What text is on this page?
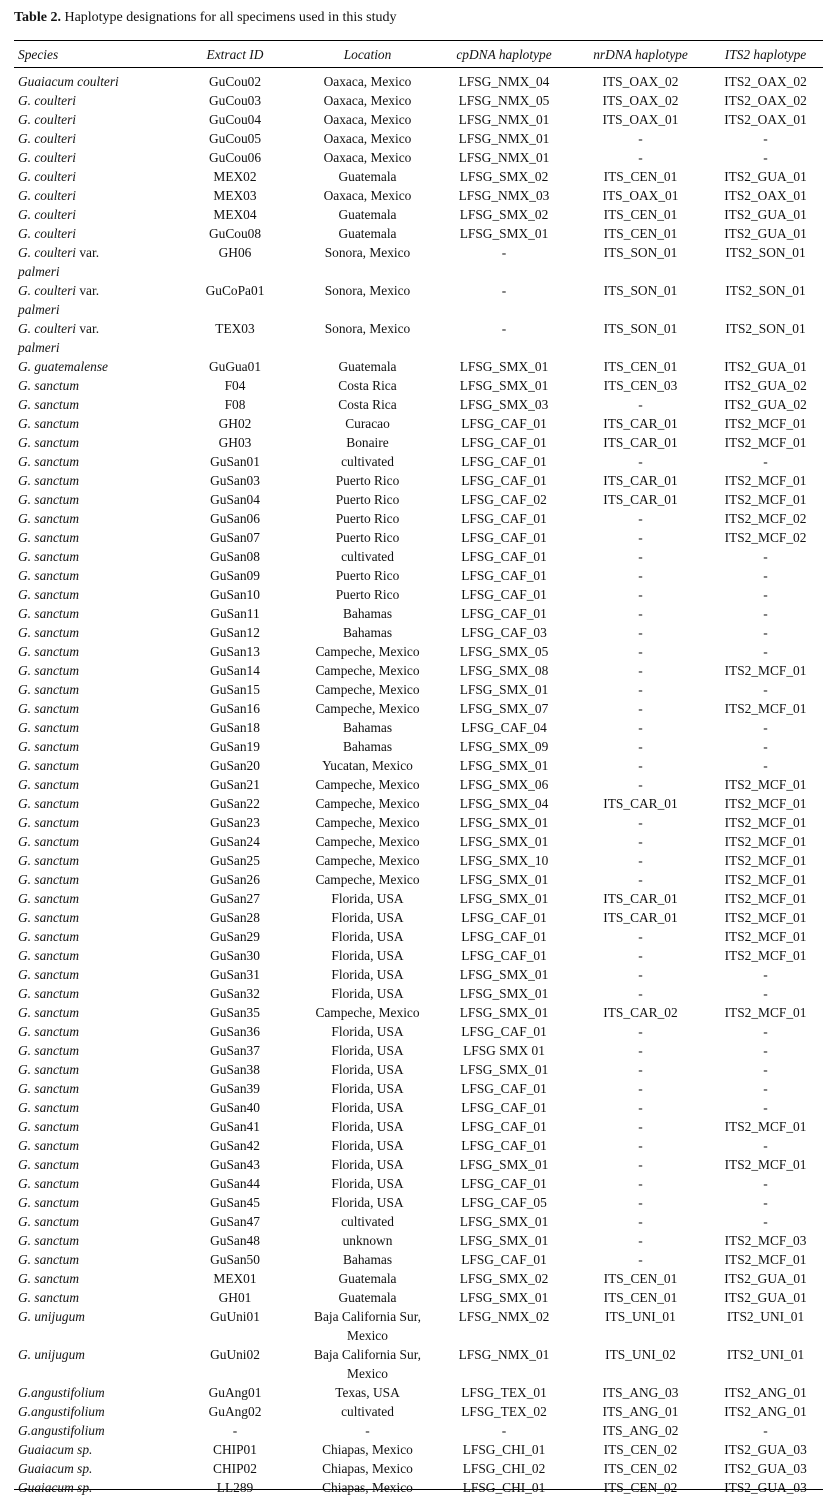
Table 2. Haplotype designations for all specimens used in this study
Species	Extract ID	Location	cpDNA haplotype	nrDNA haplotype	ITS2 haplotype
Guaiacum coulteri	GuCou02	Oaxaca, Mexico	LFSG_NMX_04	ITS_OAX_02	ITS2_OAX_02
G. coulteri	GuCou03	Oaxaca, Mexico	LFSG_NMX_05	ITS_OAX_02	ITS2_OAX_02
G. coulteri	GuCou04	Oaxaca, Mexico	LFSG_NMX_01	ITS_OAX_01	ITS2_OAX_01
G. coulteri	GuCou05	Oaxaca, Mexico	LFSG_NMX_01	-	-
G. coulteri	GuCou06	Oaxaca, Mexico	LFSG_NMX_01	-	-
G. coulteri	MEX02	Guatemala	LFSG_SMX_02	ITS_CEN_01	ITS2_GUA_01
G. coulteri	MEX03	Oaxaca, Mexico	LFSG_NMX_03	ITS_OAX_01	ITS2_OAX_01
G. coulteri	MEX04	Guatemala	LFSG_SMX_02	ITS_CEN_01	ITS2_GUA_01
G. coulteri	GuCou08	Guatemala	LFSG_SMX_01	ITS_CEN_01	ITS2_GUA_01
G. coulteri var.
palmeri	GH06	Sonora, Mexico	-	ITS_SON_01	ITS2_SON_01
G. coulteri var.
palmeri	GuCoPa01	Sonora, Mexico	-	ITS_SON_01	ITS2_SON_01
G. coulteri var.
palmeri	TEX03	Sonora, Mexico	-	ITS_SON_01	ITS2_SON_01
G. guatemalense	GuGua01	Guatemala	LFSG_SMX_01	ITS_CEN_01	ITS2_GUA_01
G. sanctum	F04	Costa Rica	LFSG_SMX_01	ITS_CEN_03	ITS2_GUA_02
G. sanctum	F08	Costa Rica	LFSG_SMX_03	-	ITS2_GUA_02
G. sanctum	GH02	Curacao	LFSG_CAF_01	ITS_CAR_01	ITS2_MCF_01
G. sanctum	GH03	Bonaire	LFSG_CAF_01	ITS_CAR_01	ITS2_MCF_01
G. sanctum	GuSan01	cultivated	LFSG_CAF_01	-	-
G. sanctum	GuSan03	Puerto Rico	LFSG_CAF_01	ITS_CAR_01	ITS2_MCF_01
G. sanctum	GuSan04	Puerto Rico	LFSG_CAF_02	ITS_CAR_01	ITS2_MCF_01
G. sanctum	GuSan06	Puerto Rico	LFSG_CAF_01	-	ITS2_MCF_02
G. sanctum	GuSan07	Puerto Rico	LFSG_CAF_01	-	ITS2_MCF_02
G. sanctum	GuSan08	cultivated	LFSG_CAF_01	-	-
G. sanctum	GuSan09	Puerto Rico	LFSG_CAF_01	-	-
G. sanctum	GuSan10	Puerto Rico	LFSG_CAF_01	-	-
G. sanctum	GuSan11	Bahamas	LFSG_CAF_01	-	-
G. sanctum	GuSan12	Bahamas	LFSG_CAF_03	-	-
G. sanctum	GuSan13	Campeche, Mexico	LFSG_SMX_05	-	-
G. sanctum	GuSan14	Campeche, Mexico	LFSG_SMX_08	-	ITS2_MCF_01
G. sanctum	GuSan15	Campeche, Mexico	LFSG_SMX_01	-	-
G. sanctum	GuSan16	Campeche, Mexico	LFSG_SMX_07	-	ITS2_MCF_01
G. sanctum	GuSan18	Bahamas	LFSG_CAF_04	-	-
G. sanctum	GuSan19	Bahamas	LFSG_SMX_09	-	-
G. sanctum	GuSan20	Yucatan, Mexico	LFSG_SMX_01	-	-
G. sanctum	GuSan21	Campeche, Mexico	LFSG_SMX_06	-	ITS2_MCF_01
G. sanctum	GuSan22	Campeche, Mexico	LFSG_SMX_04	ITS_CAR_01	ITS2_MCF_01
G. sanctum	GuSan23	Campeche, Mexico	LFSG_SMX_01	-	ITS2_MCF_01
G. sanctum	GuSan24	Campeche, Mexico	LFSG_SMX_01	-	ITS2_MCF_01
G. sanctum	GuSan25	Campeche, Mexico	LFSG_SMX_10	-	ITS2_MCF_01
G. sanctum	GuSan26	Campeche, Mexico	LFSG_SMX_01	-	ITS2_MCF_01
G. sanctum	GuSan27	Florida, USA	LFSG_SMX_01	ITS_CAR_01	ITS2_MCF_01
G. sanctum	GuSan28	Florida, USA	LFSG_CAF_01	ITS_CAR_01	ITS2_MCF_01
G. sanctum	GuSan29	Florida, USA	LFSG_CAF_01	-	ITS2_MCF_01
G. sanctum	GuSan30	Florida, USA	LFSG_CAF_01	-	ITS2_MCF_01
G. sanctum	GuSan31	Florida, USA	LFSG_SMX_01	-	-
G. sanctum	GuSan32	Florida, USA	LFSG_SMX_01	-	-
G. sanctum	GuSan35	Campeche, Mexico	LFSG_SMX_01	ITS_CAR_02	ITS2_MCF_01
G. sanctum	GuSan36	Florida, USA	LFSG_CAF_01	-	-
G. sanctum	GuSan37	Florida, USA	LFSG SMX 01	-	-
G. sanctum	GuSan38	Florida, USA	LFSG_SMX_01	-	-
G. sanctum	GuSan39	Florida, USA	LFSG_CAF_01	-	-
G. sanctum	GuSan40	Florida, USA	LFSG_CAF_01	-	-
G. sanctum	GuSan41	Florida, USA	LFSG_CAF_01	-	ITS2_MCF_01
G. sanctum	GuSan42	Florida, USA	LFSG_CAF_01	-	-
G. sanctum	GuSan43	Florida, USA	LFSG_SMX_01	-	ITS2_MCF_01
G. sanctum	GuSan44	Florida, USA	LFSG_CAF_01	-	-
G. sanctum	GuSan45	Florida, USA	LFSG_CAF_05	-	-
G. sanctum	GuSan47	cultivated	LFSG_SMX_01	-	-
G. sanctum	GuSan48	unknown	LFSG_SMX_01	-	ITS2_MCF_03
G. sanctum	GuSan50	Bahamas	LFSG_CAF_01	-	ITS2_MCF_01
G. sanctum	MEX01	Guatemala	LFSG_SMX_02	ITS_CEN_01	ITS2_GUA_01
G. sanctum	GH01	Guatemala	LFSG_SMX_01	ITS_CEN_01	ITS2_GUA_01
G. unijugum	GuUni01	Baja California Sur, Mexico	LFSG_NMX_02	ITS_UNI_01	ITS2_UNI_01
G. unijugum	GuUni02	Baja California Sur, Mexico	LFSG_NMX_01	ITS_UNI_02	ITS2_UNI_01
G.angustifolium	GuAng01	Texas, USA	LFSG_TEX_01	ITS_ANG_03	ITS2_ANG_01
G.angustifolium	GuAng02	cultivated	LFSG_TEX_02	ITS_ANG_01	ITS2_ANG_01
G.angustifolium	-	-	-	ITS_ANG_02	-
Guaiacum sp.	CHIP01	Chiapas, Mexico	LFSG_CHI_01	ITS_CEN_02	ITS2_GUA_03
Guaiacum sp.	CHIP02	Chiapas, Mexico	LFSG_CHI_02	ITS_CEN_02	ITS2_GUA_03
Guaiacum sp.	LL289	Chiapas, Mexico	LFSG_CHI_01	ITS_CEN_02	ITS2_GUA_03
